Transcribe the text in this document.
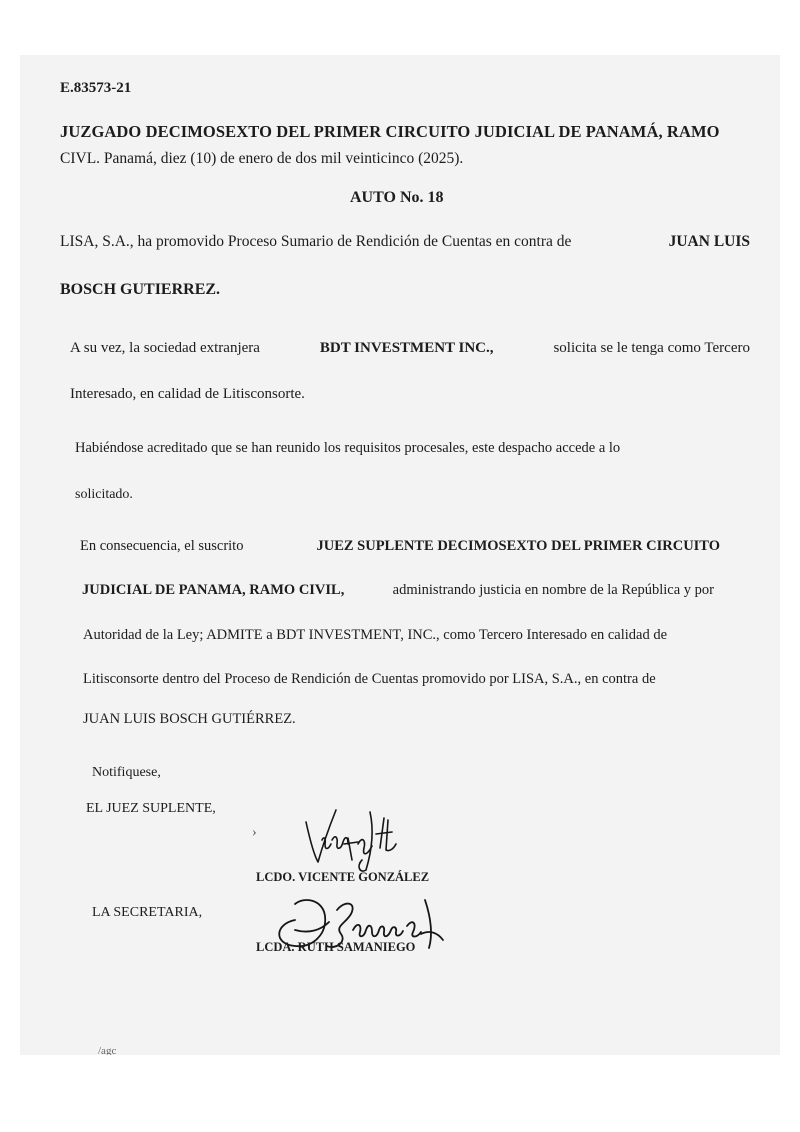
E.83573-21
JUZGADO DECIMOSEXTO DEL PRIMER CIRCUITO JUDICIAL DE PANAMÁ, RAMO
CIVL. Panamá, diez (10) de enero de dos mil veinticinco (2025).
AUTO No. 18
LISA, S.A., ha promovido Proceso Sumario de Rendición de Cuentas en contra de	JUAN LUIS
BOSCH GUTIERREZ.
A su vez, la sociedad extranjera	BDT INVESTMENT INC.,	solicita se le tenga como Tercero
Interesado, en calidad de Litisconsorte.
Habiéndose acreditado que se han reunido los requisitos procesales, este despacho accede a lo
solicitado.
En consecuencia, el suscrito	JUEZ SUPLENTE DECIMOSEXTO DEL PRIMER CIRCUITO
JUDICIAL DE PANAMA, RAMO CIVIL,	administrando justicia en nombre de la República y por
Autoridad de la Ley; ADMITE a BDT INVESTMENT, INC., como Tercero Interesado en calidad de
Litisconsorte dentro del Proceso de Rendición de Cuentas promovido por LISA, S.A., en contra de
JUAN LUIS BOSCH GUTIÉRREZ.
Notifiquese,
EL JUEZ SUPLENTE,
›
LCDO. VICENTE GONZÁLEZ
LA SECRETARIA,
LCDA. RUTH SAMANIEGO
/agc
